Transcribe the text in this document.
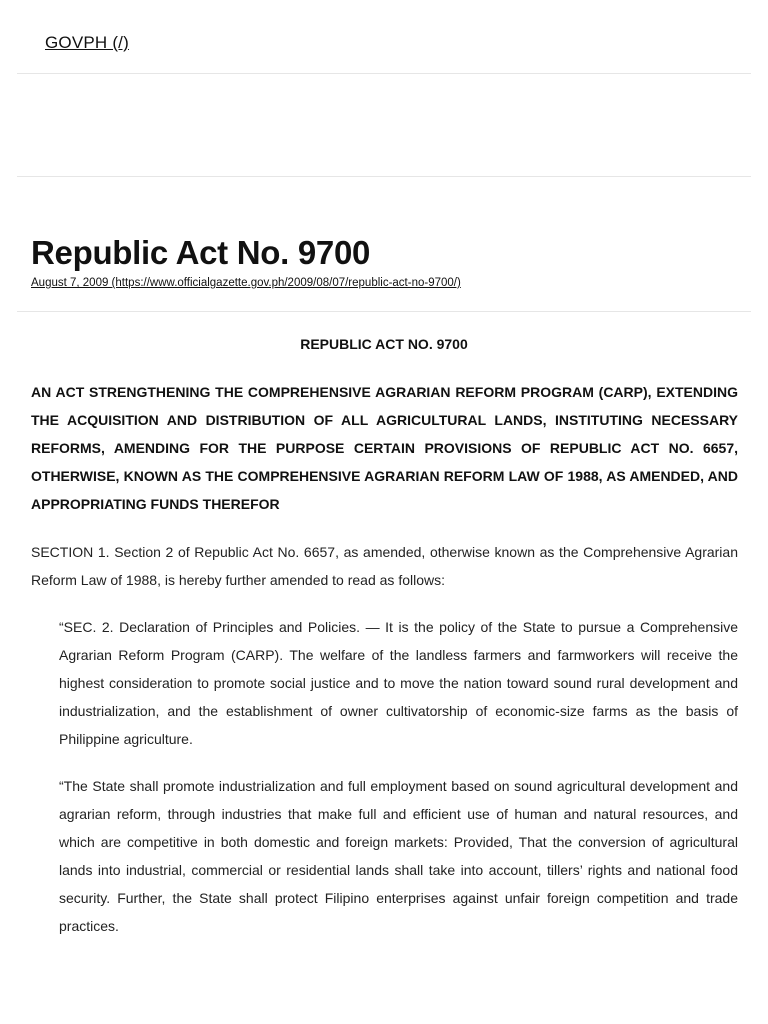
GOVPH (/)
Republic Act No. 9700
August 7, 2009 (https://www.officialgazette.gov.ph/2009/08/07/republic-act-no-9700/)
REPUBLIC ACT NO. 9700

AN ACT STRENGTHENING THE COMPREHENSIVE AGRARIAN REFORM PROGRAM (CARP), EXTENDING THE ACQUISITION AND DISTRIBUTION OF ALL AGRICULTURAL LANDS, INSTITUTING NECESSARY REFORMS, AMENDING FOR THE PURPOSE CERTAIN PROVISIONS OF REPUBLIC ACT NO. 6657, OTHERWISE, KNOWN AS THE COMPREHENSIVE AGRARIAN REFORM LAW OF 1988, AS AMENDED, AND APPROPRIATING FUNDS THEREFOR

SECTION 1. Section 2 of Republic Act No. 6657, as amended, otherwise known as the Comprehensive Agrarian Reform Law of 1988, is hereby further amended to read as follows:

“SEC. 2. Declaration of Principles and Policies. — It is the policy of the State to pursue a Comprehensive Agrarian Reform Program (CARP). The welfare of the landless farmers and farmworkers will receive the highest consideration to promote social justice and to move the nation toward sound rural development and industrialization, and the establishment of owner cultivatorship of economic-size farms as the basis of Philippine agriculture.

“The State shall promote industrialization and full employment based on sound agricultural development and agrarian reform, through industries that make full and efficient use of human and natural resources, and which are competitive in both domestic and foreign markets: Provided, That the conversion of agricultural lands into industrial, commercial or residential lands shall take into account, tillers’ rights and national food security. Further, the State shall protect Filipino enterprises against unfair foreign competition and trade practices.
